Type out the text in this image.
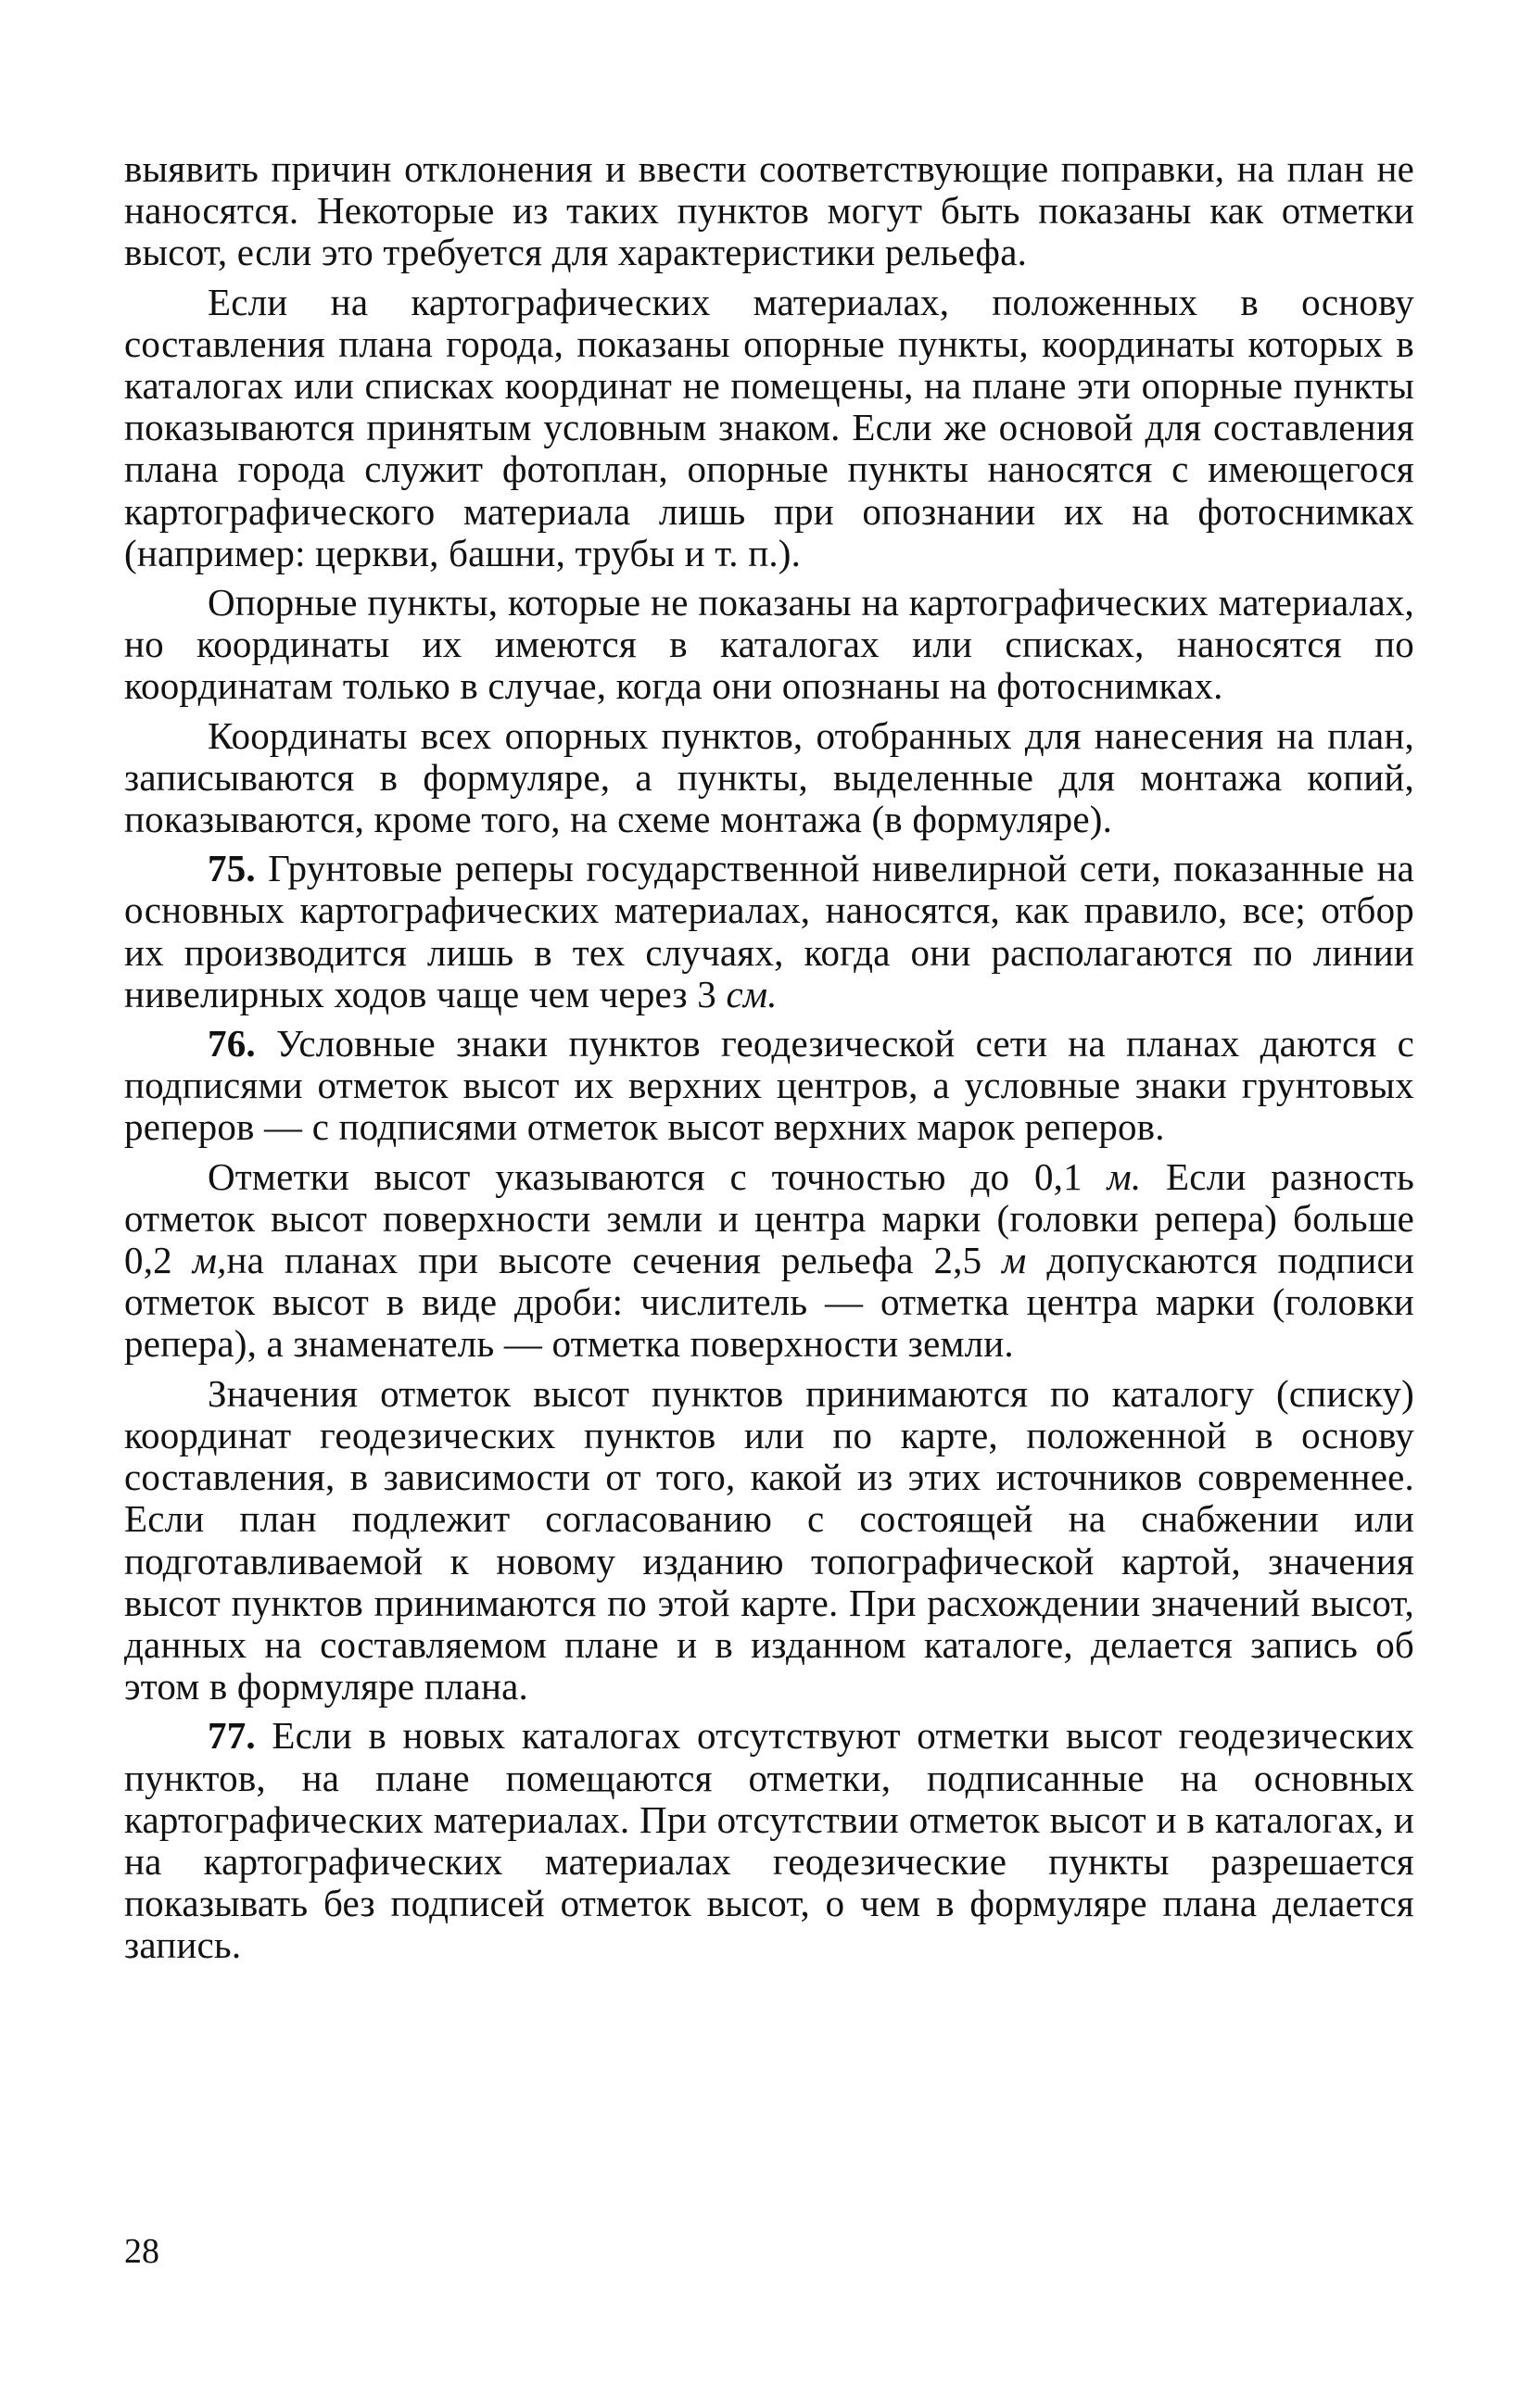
выявить причин отклонения и ввести соответствующие поправки, на план не наносятся. Некоторые из таких пунктов могут быть показаны как отметки высот, если это требуется для характеристики рельефа.

Если на картографических материалах, положенных в основу составления плана города, показаны опорные пункты, координаты которых в каталогах или списках координат не помещены, на плане эти опорные пункты показываются принятым условным знаком. Если же основой для составления плана города служит фотоплан, опорные пункты наносятся с имеющегося картографического материала лишь при опознании их на фотоснимках (например: церкви, башни, трубы и т. п.).

Опорные пункты, которые не показаны на картографических материалах, но координаты их имеются в каталогах или списках, наносятся по координатам только в случае, когда они опознаны на фотоснимках.

Координаты всех опорных пунктов, отобранных для нанесения на план, записываются в формуляре, а пункты, выделенные для монтажа копий, показываются, кроме того, на схеме монтажа (в формуляре).

75. Грунтовые реперы государственной нивелирной сети, показанные на основных картографических материалах, наносятся, как правило, все; отбор их производится лишь в тех случаях, когда они располагаются по линии нивелирных ходов чаще чем через 3 см.

76. Условные знаки пунктов геодезической сети на планах даются с подписями отметок высот их верхних центров, а условные знаки грунтовых реперов — с подписями отметок высот верхних марок реперов.

Отметки высот указываются с точностью до 0,1 м. Если разность отметок высот поверхности земли и центра марки (головки репера) больше 0,2 м,на планах при высоте сечения рельефа 2,5 м допускаются подписи отметок высот в виде дроби: числитель — отметка центра марки (головки репера), а знаменатель — отметка поверхности земли.

Значения отметок высот пунктов принимаются по каталогу (списку) координат геодезических пунктов или по карте, положенной в основу составления, в зависимости от того, какой из этих источников современнее. Если план подлежит согласованию с состоящей на снабжении или подготавливаемой к новому изданию топографической картой, значения высот пунктов принимаются по этой карте. При расхождении значений высот, данных на составляемом плане и в изданном каталоге, делается запись об этом в формуляре плана.

77. Если в новых каталогах отсутствуют отметки высот геодезических пунктов, на плане помещаются отметки, подписанные на основных картографических материалах. При отсутствии отметок высот и в каталогах, и на картографических материалах геодезические пункты разрешается показывать без подписей отметок высот, о чем в формуляре плана делается запись.

28
